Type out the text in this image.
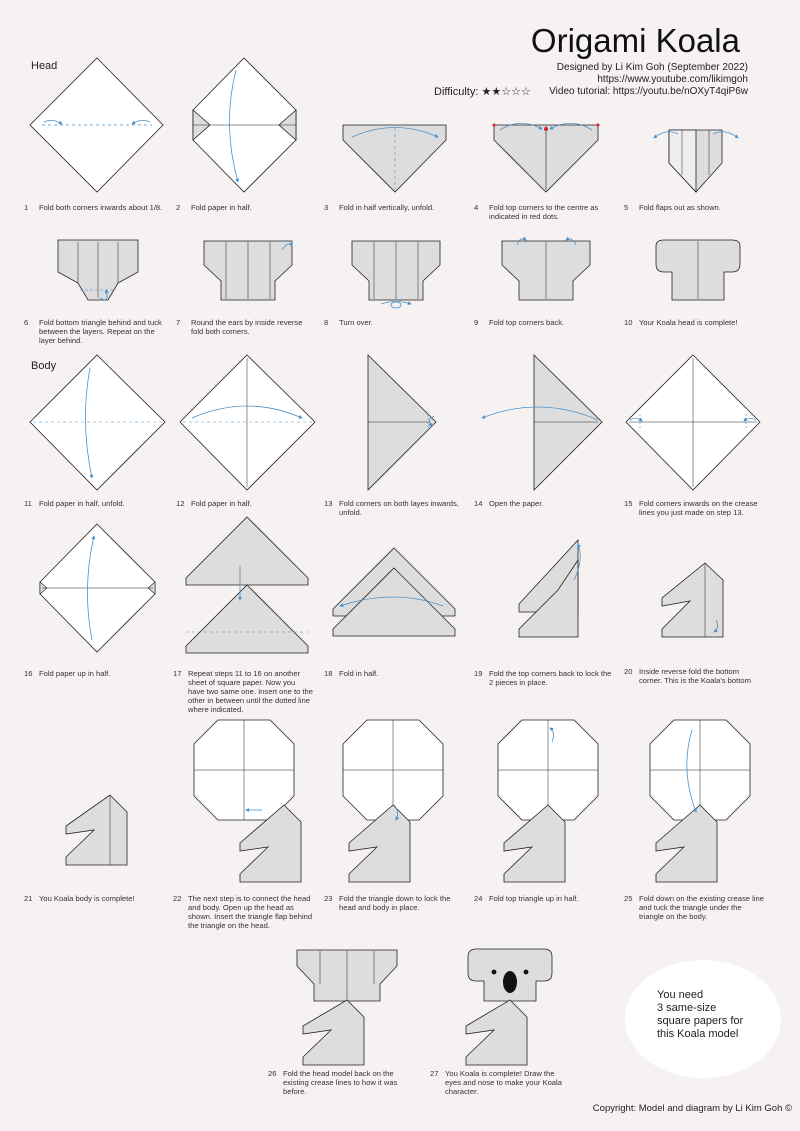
Origami Koala
Designed by Li Kim Goh (September 2022)
https://www.youtube.com/likimgoh
Video tutorial: https://youtu.be/nOXyT4qiP6w
Difficulty: ★★☆☆☆
Head
Body
1 Fold both corners inwards about 1/8. 2 Fold paper in half.	3 Fold in half vertically, unfold.	4 Fold top corners to the centre as indicated in red dots.
5 Fold flaps out as shown.
6 Fold bottom triangle behind and tuck between the layers. Repeat on the layer behind.
7 Round the ears by inside reverse fold both corners.
8 Turn over.	9 Fold top corners back.	10 Your Koala head is complete!
11 Fold paper in half, unfold.	12 Fold paper in half.	13 Fold corners on both layes inwards, unfold.
14 Open the paper.	15 Fold corners inwards on the crease lines you just made on step 13.
16 Fold paper up in half.	17 Repeat steps 11 to 16 on another sheet of square paper. Now you have two same one. Insert one to the other in between until the dotted line where indicated.
18 Fold in half.	19 Fold the top corners back to lock the 2 pieces in place.
20 Inside reverse fold the bottom corner. This is the Koala's bottom
21 You Koala body is complete!	22 The next step is to connect the head and body. Open up the head as shown. Insert the triangle flap behind the triangle on the head.
23 Fold the triangle down to lock the head and body in place.
24 Fold top triangle up in half.	25 Fold down on the existing crease line and tuck the triangle under the triangle on the body.
26 Fold the head model back on the existing crease lines to how it was before.
27 You Koala is complete! Draw the eyes and nose to make your Koala character.
You need
3 same-size
square papers for
this Koala model
Copyright: Model and diagram by Li Kim Goh ©
